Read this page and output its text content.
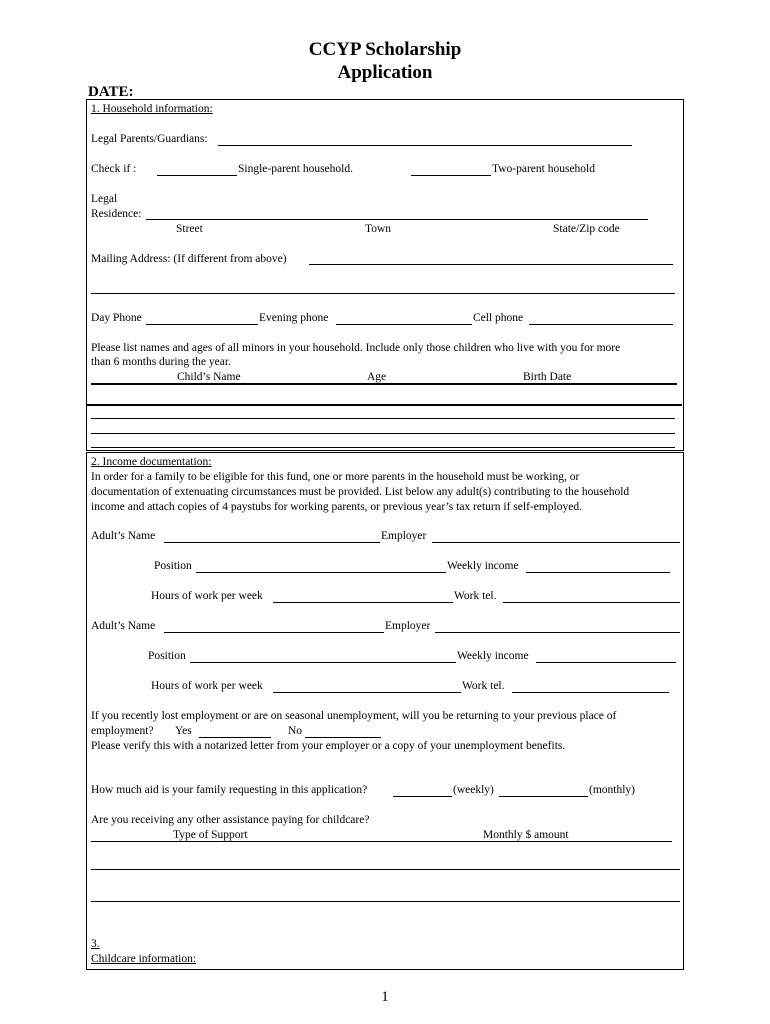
CCYP Scholarship
Application
DATE:
1. Household information:
Legal Parents/Guardians:
Check if :	Single-parent household.	Two-parent household
Legal
Residence:
Street	Town	State/Zip code
Mailing Address: (If different from above)
Day Phone	Evening phone	Cell phone
Please list names and ages of all minors in your household. Include only those children who live with you for more
than 6 months during the year.
Child’s Name	Age	Birth Date
2. Income documentation:
In order for a family to be eligible for this fund, one or more parents in the household must be working, or
documentation of extenuating circumstances must be provided. List below any adult(s) contributing to the household
income and attach copies of 4 paystubs for working parents, or previous year’s tax return if self-employed.
Adult’s Name	Employer
Position	Weekly income
Hours of work per week	Work tel.
Adult’s Name	Employer
Position	Weekly income
Hours of work per week	Work tel.
If you recently lost employment or are on seasonal unemployment, will you be returning to your previous place of
employment? Yes	No
Please verify this with a notarized letter from your employer or a copy of your unemployment benefits.
How much aid is your family requesting in this application?	(weekly)	(monthly)
Are you receiving any other assistance paying for childcare?
Type of Support	Monthly $ amount
3.
Childcare information:
1
